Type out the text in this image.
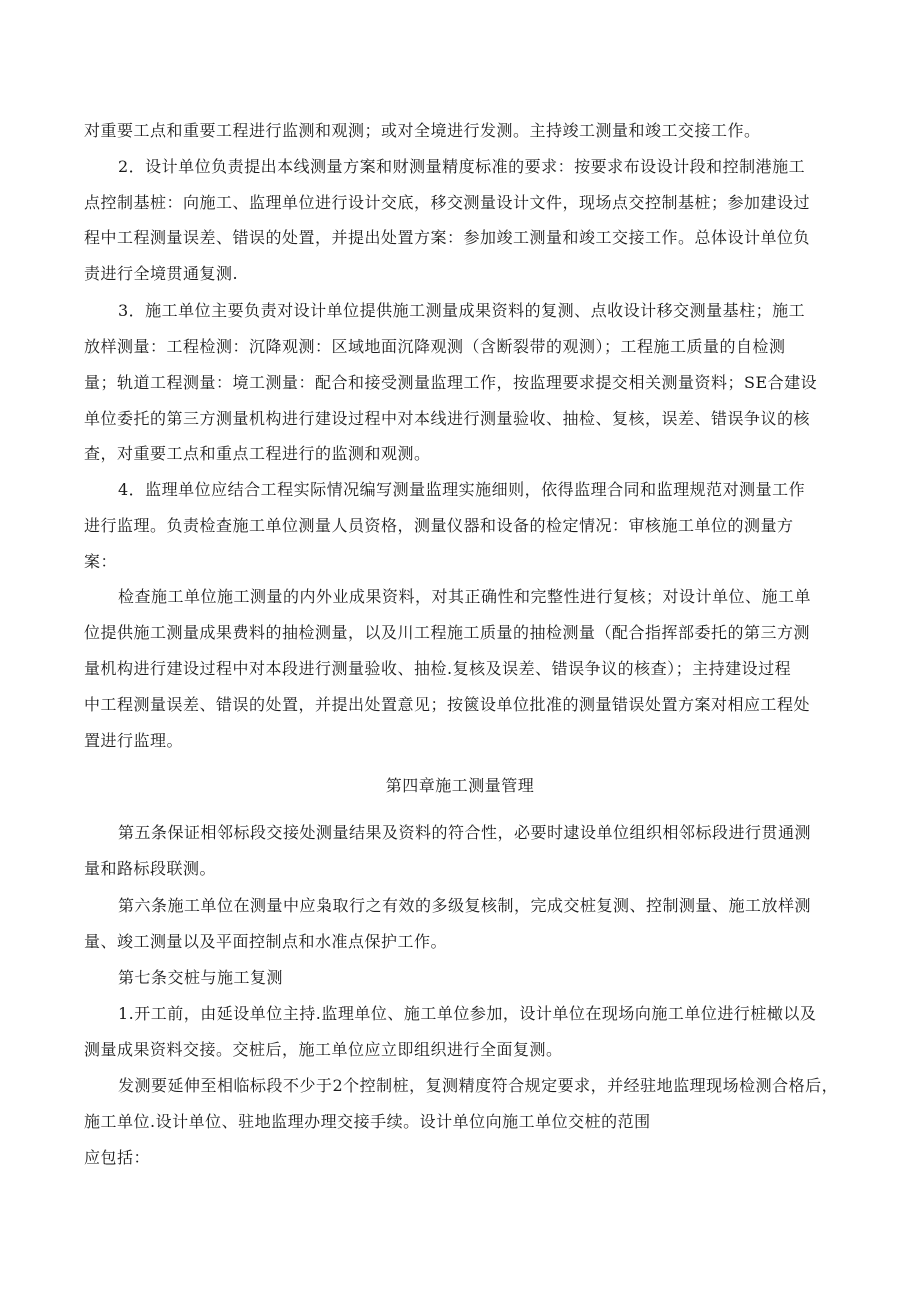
对重要工点和重要工程进行监测和观测；或对全境进行发测。主持竣工测量和竣工交接工作。
2．设计单位负责提出本线测量方案和财测量精度标准的要求：按要求布设设计段和控制港施工
点控制基桩：向施工、监理单位进行设计交底，移交测量设计文件，现场点交控制基桩；参加建设过
程中工程测量误差、错误的处置，并提出处置方案：参加竣工测量和竣工交接工作。总体设计单位负
责进行全境贯通复测.
3．施工单位主要负责对设计单位提供施工测量成果资料的复测、点收设计移交测量基柱；施工
放样测量：工程检测：沉降观测：区域地面沉降观测（含断裂带的观测）；工程施工质量的自检测
量；轨道工程测量：境工测量：配合和接受测量监理工作，按监理要求提交相关测量资料；SE合建设
单位委托的第三方测量机构进行建设过程中对本线进行测量验收、抽检、复核，误差、错误争议的核
查，对重要工点和重点工程进行的监测和观测。
4．监理单位应结合工程实际情况编写测量监理实施细则，依得监理合同和监理规范对测量工作
进行监理。负责检查施工单位测量人员资格，测量仪器和设备的检定情况：审核施工单位的测量方
案：
检查施工单位施工测量的内外业成果资料，对其正确性和完整性进行复核；对设计单位、施工单
位提供施工测量成果费料的抽检测量，以及川工程施工质量的抽检测量（配合指挥部委托的第三方测
量机构进行建设过程中对本段进行测量验收、抽检.复核及误差、错误争议的核查）；主持建设过程
中工程测量误差、错误的处置，并提出处置意见；按篋设单位批准的测量错误处置方案对相应工程处
置进行监理。
第四章施工测量管理
第五条保证相邻标段交接处测量结果及资料的符合性，必要时逮设单位组织相邻标段进行贯通测
量和路标段联测。
第六条施工单位在测量中应枭取行之有效的多级复核制，完成交桩复测、控制测量、施工放样测
量、竣工测量以及平面控制点和水准点保护工作。
第七条交桩与施工复测
1.开工前，由延设单位主持.监理单位、施工单位参加，设计单位在现场向施工单位进行桩橄以及
测量成果资料交接。交桩后，施工单位应立即组织进行全面复测。
发测要延伸至相临标段不少于2个控制桩，复测精度符合规定要求，并经驻地监理现场检测合格后，
施工单位.设计单位、驻地监理办理交接手续。设计单位向施工单位交桩的范围
应包括：
